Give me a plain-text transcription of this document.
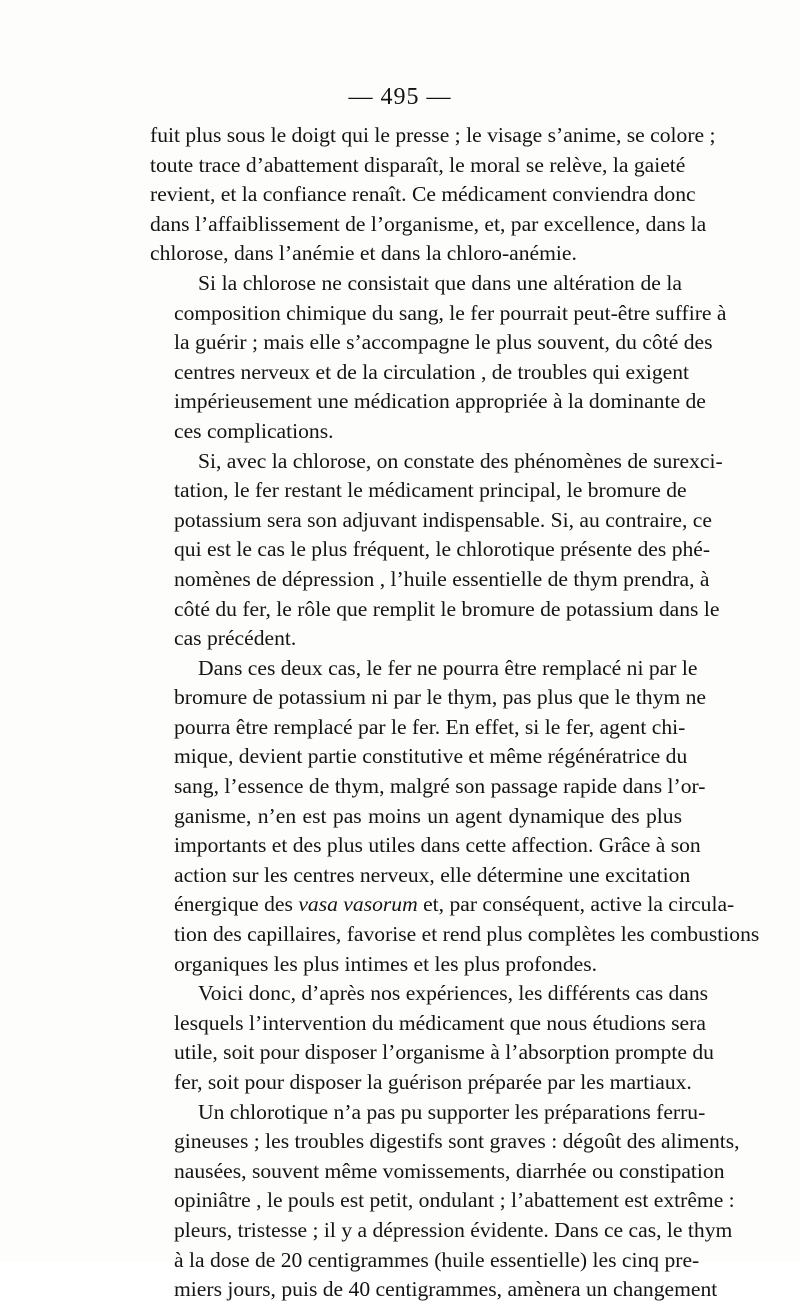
— 495 —
fuit plus sous le doigt qui le presse ; le visage s’anime, se colore ;
toute trace d’abattement disparaît, le moral se relève, la gaieté
revient, et la confiance renaît. Ce médicament conviendra donc
dans l’affaiblissement de l’organisme, et, par excellence, dans la
chlorose, dans l’anémie et dans la chloro-anémie.
Si la chlorose ne consistait que dans une altération de la
composition chimique du sang, le fer pourrait peut-être suffire à
la guérir ; mais elle s’accompagne le plus souvent, du côté des
centres nerveux et de la circulation , de troubles qui exigent
impérieusement une médication appropriée à la dominante de
ces complications.
Si, avec la chlorose, on constate des phénomènes de surexci-
tation, le fer restant le médicament principal, le bromure de
potassium sera son adjuvant indispensable. Si, au contraire, ce
qui est le cas le plus fréquent, le chlorotique présente des phé-
nomènes de dépression , l’huile essentielle de thym prendra, à
côté du fer, le rôle que remplit le bromure de potassium dans le
cas précédent.
Dans ces deux cas, le fer ne pourra être remplacé ni par le
bromure de potassium ni par le thym, pas plus que le thym ne
pourra être remplacé par le fer. En effet, si le fer, agent chi-
mique, devient partie constitutive et même régénératrice du
sang, l’essence de thym, malgré son passage rapide dans l’or-
ganisme, n’en est pas moins un agent dynamique des plus
importants et des plus utiles dans cette affection. Grâce à son
action sur les centres nerveux, elle détermine une excitation
énergique des vasa vasorum et, par conséquent, active la circula-
tion des capillaires, favorise et rend plus complètes les combustions
organiques les plus intimes et les plus profondes.
Voici donc, d’après nos expériences, les différents cas dans
lesquels l’intervention du médicament que nous étudions sera
utile, soit pour disposer l’organisme à l’absorption prompte du
fer, soit pour disposer la guérison préparée par les martiaux.
Un chlorotique n’a pas pu supporter les préparations ferru-
gineuses ; les troubles digestifs sont graves : dégoût des aliments,
nausées, souvent même vomissements, diarrhée ou constipation
opiniâtre , le pouls est petit, ondulant ; l’abattement est extrême :
pleurs, tristesse ; il y a dépression évidente. Dans ce cas, le thym
à la dose de 20 centigrammes (huile essentielle) les cinq pre-
miers jours, puis de 40 centigrammes, amènera un changement
